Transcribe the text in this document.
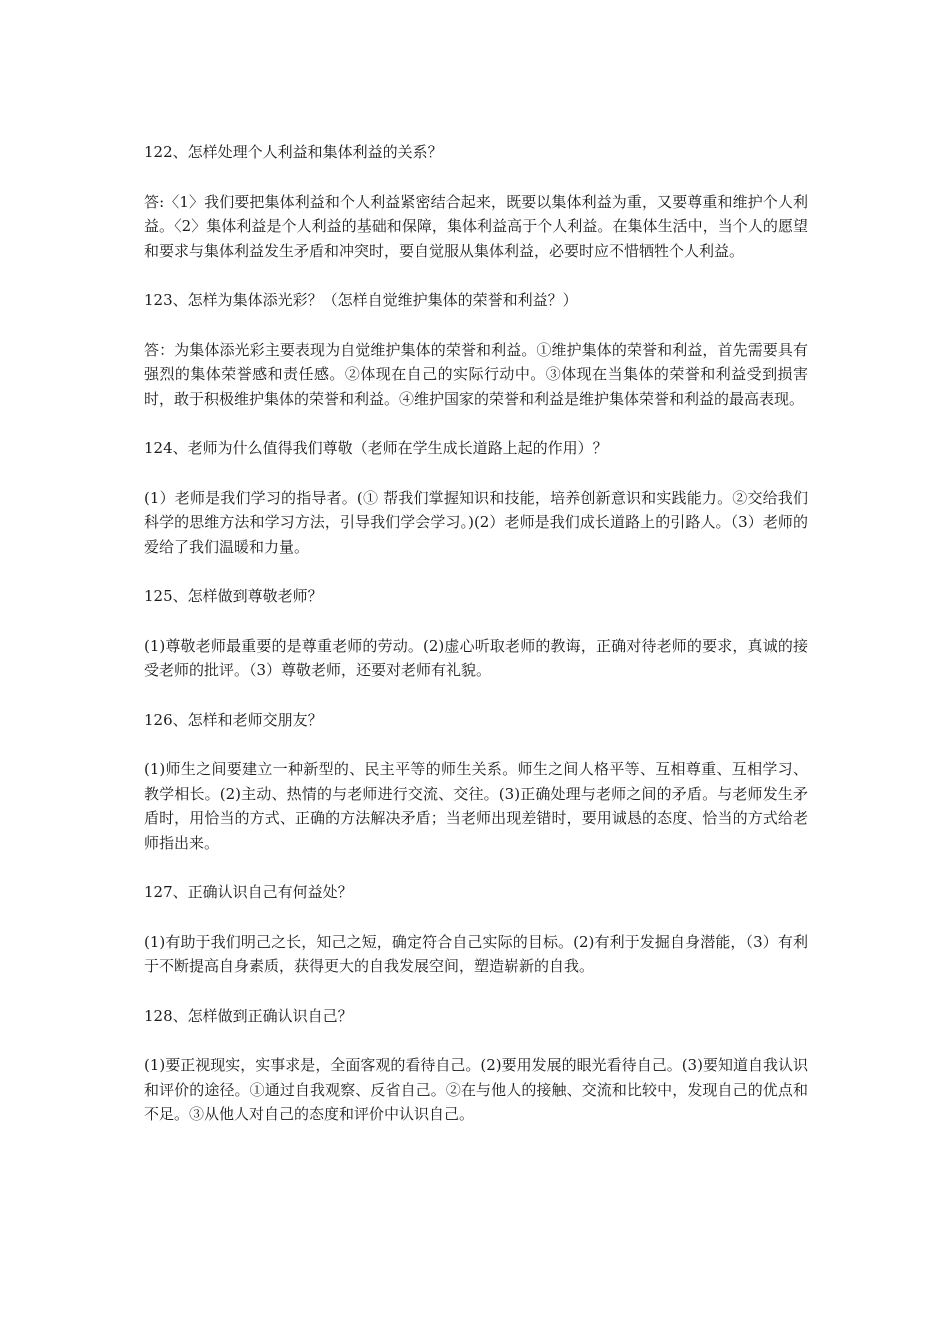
122、怎样处理个人利益和集体利益的关系？

答:〈1〉我们要把集体利益和个人利益紧密结合起来，既要以集体利益为重，又要尊重和维护个人利益。〈2〉集体利益是个人利益的基础和保障，集体利益高于个人利益。在集体生活中，当个人的愿望和要求与集体利益发生矛盾和冲突时，要自觉服从集体利益，必要时应不惜牺牲个人利益。

123、怎样为集体添光彩？（怎样自觉维护集体的荣誉和利益？）

答：为集体添光彩主要表现为自觉维护集体的荣誉和利益。①维护集体的荣誉和利益，首先需要具有强烈的集体荣誉感和责任感。②体现在自己的实际行动中。③体现在当集体的荣誉和利益受到损害时，敢于积极维护集体的荣誉和利益。④维护国家的荣誉和利益是维护集体荣誉和利益的最高表现。

124、老师为什么值得我们尊敬（老师在学生成长道路上起的作用）？

(1）老师是我们学习的指导者。(① 帮我们掌握知识和技能，培养创新意识和实践能力。②交给我们科学的思维方法和学习方法，引导我们学会学习。)(2）老师是我们成长道路上的引路人。（3）老师的爱给了我们温暖和力量。

125、怎样做到尊敬老师？

(1)尊敬老师最重要的是尊重老师的劳动。(2)虚心听取老师的教诲，正确对待老师的要求，真诚的接受老师的批评。（3）尊敬老师，还要对老师有礼貌。

126、怎样和老师交朋友？

(1)师生之间要建立一种新型的、民主平等的师生关系。师生之间人格平等、互相尊重、互相学习、教学相长。(2)主动、热情的与老师进行交流、交往。(3)正确处理与老师之间的矛盾。与老师发生矛盾时，用恰当的方式、正确的方法解决矛盾；当老师出现差错时，要用诚恳的态度、恰当的方式给老师指出来。

127、正确认识自己有何益处？

(1)有助于我们明己之长，知己之短，确定符合自己实际的目标。(2)有利于发掘自身潜能，（3）有利于不断提高自身素质，获得更大的自我发展空间，塑造崭新的自我。

128、怎样做到正确认识自己？

(1)要正视现实，实事求是，全面客观的看待自己。(2)要用发展的眼光看待自己。(3)要知道自我认识和评价的途径。①通过自我观察、反省自己。②在与他人的接触、交流和比较中，发现自己的优点和不足。③从他人对自己的态度和评价中认识自己。
